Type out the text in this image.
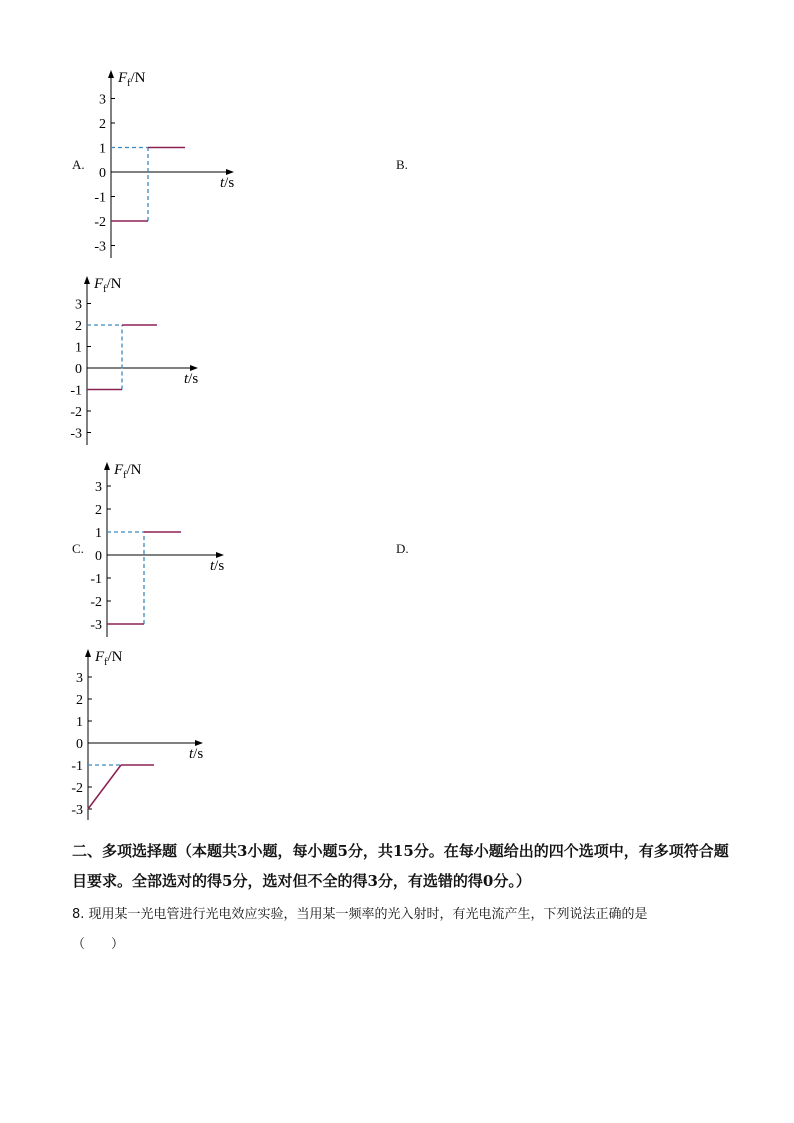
A.	B.
C.	D.
3
2
1
0
-1
-2
-3
$F_f/N$
t/s
3
2
1
0
-1
-2
-3
$F_f/N$
t/s
3
2
1
0
-1
-2
-3
$F_f/N$
t/s
3
2
1
0
-1
-2
-3
$F_f/N$
t/s
二、多项选择题（本题共3小题，每小题5分，共15分。在每小题给出的四个选项中，有多项符合题目要求。全部选对的得5分，选对但不全的得3分，有选错的得0分。）
8. 现用某一光电管进行光电效应实验，当用某一频率的光入射时，有光电流产生，下列说法正确的是
（　　）
